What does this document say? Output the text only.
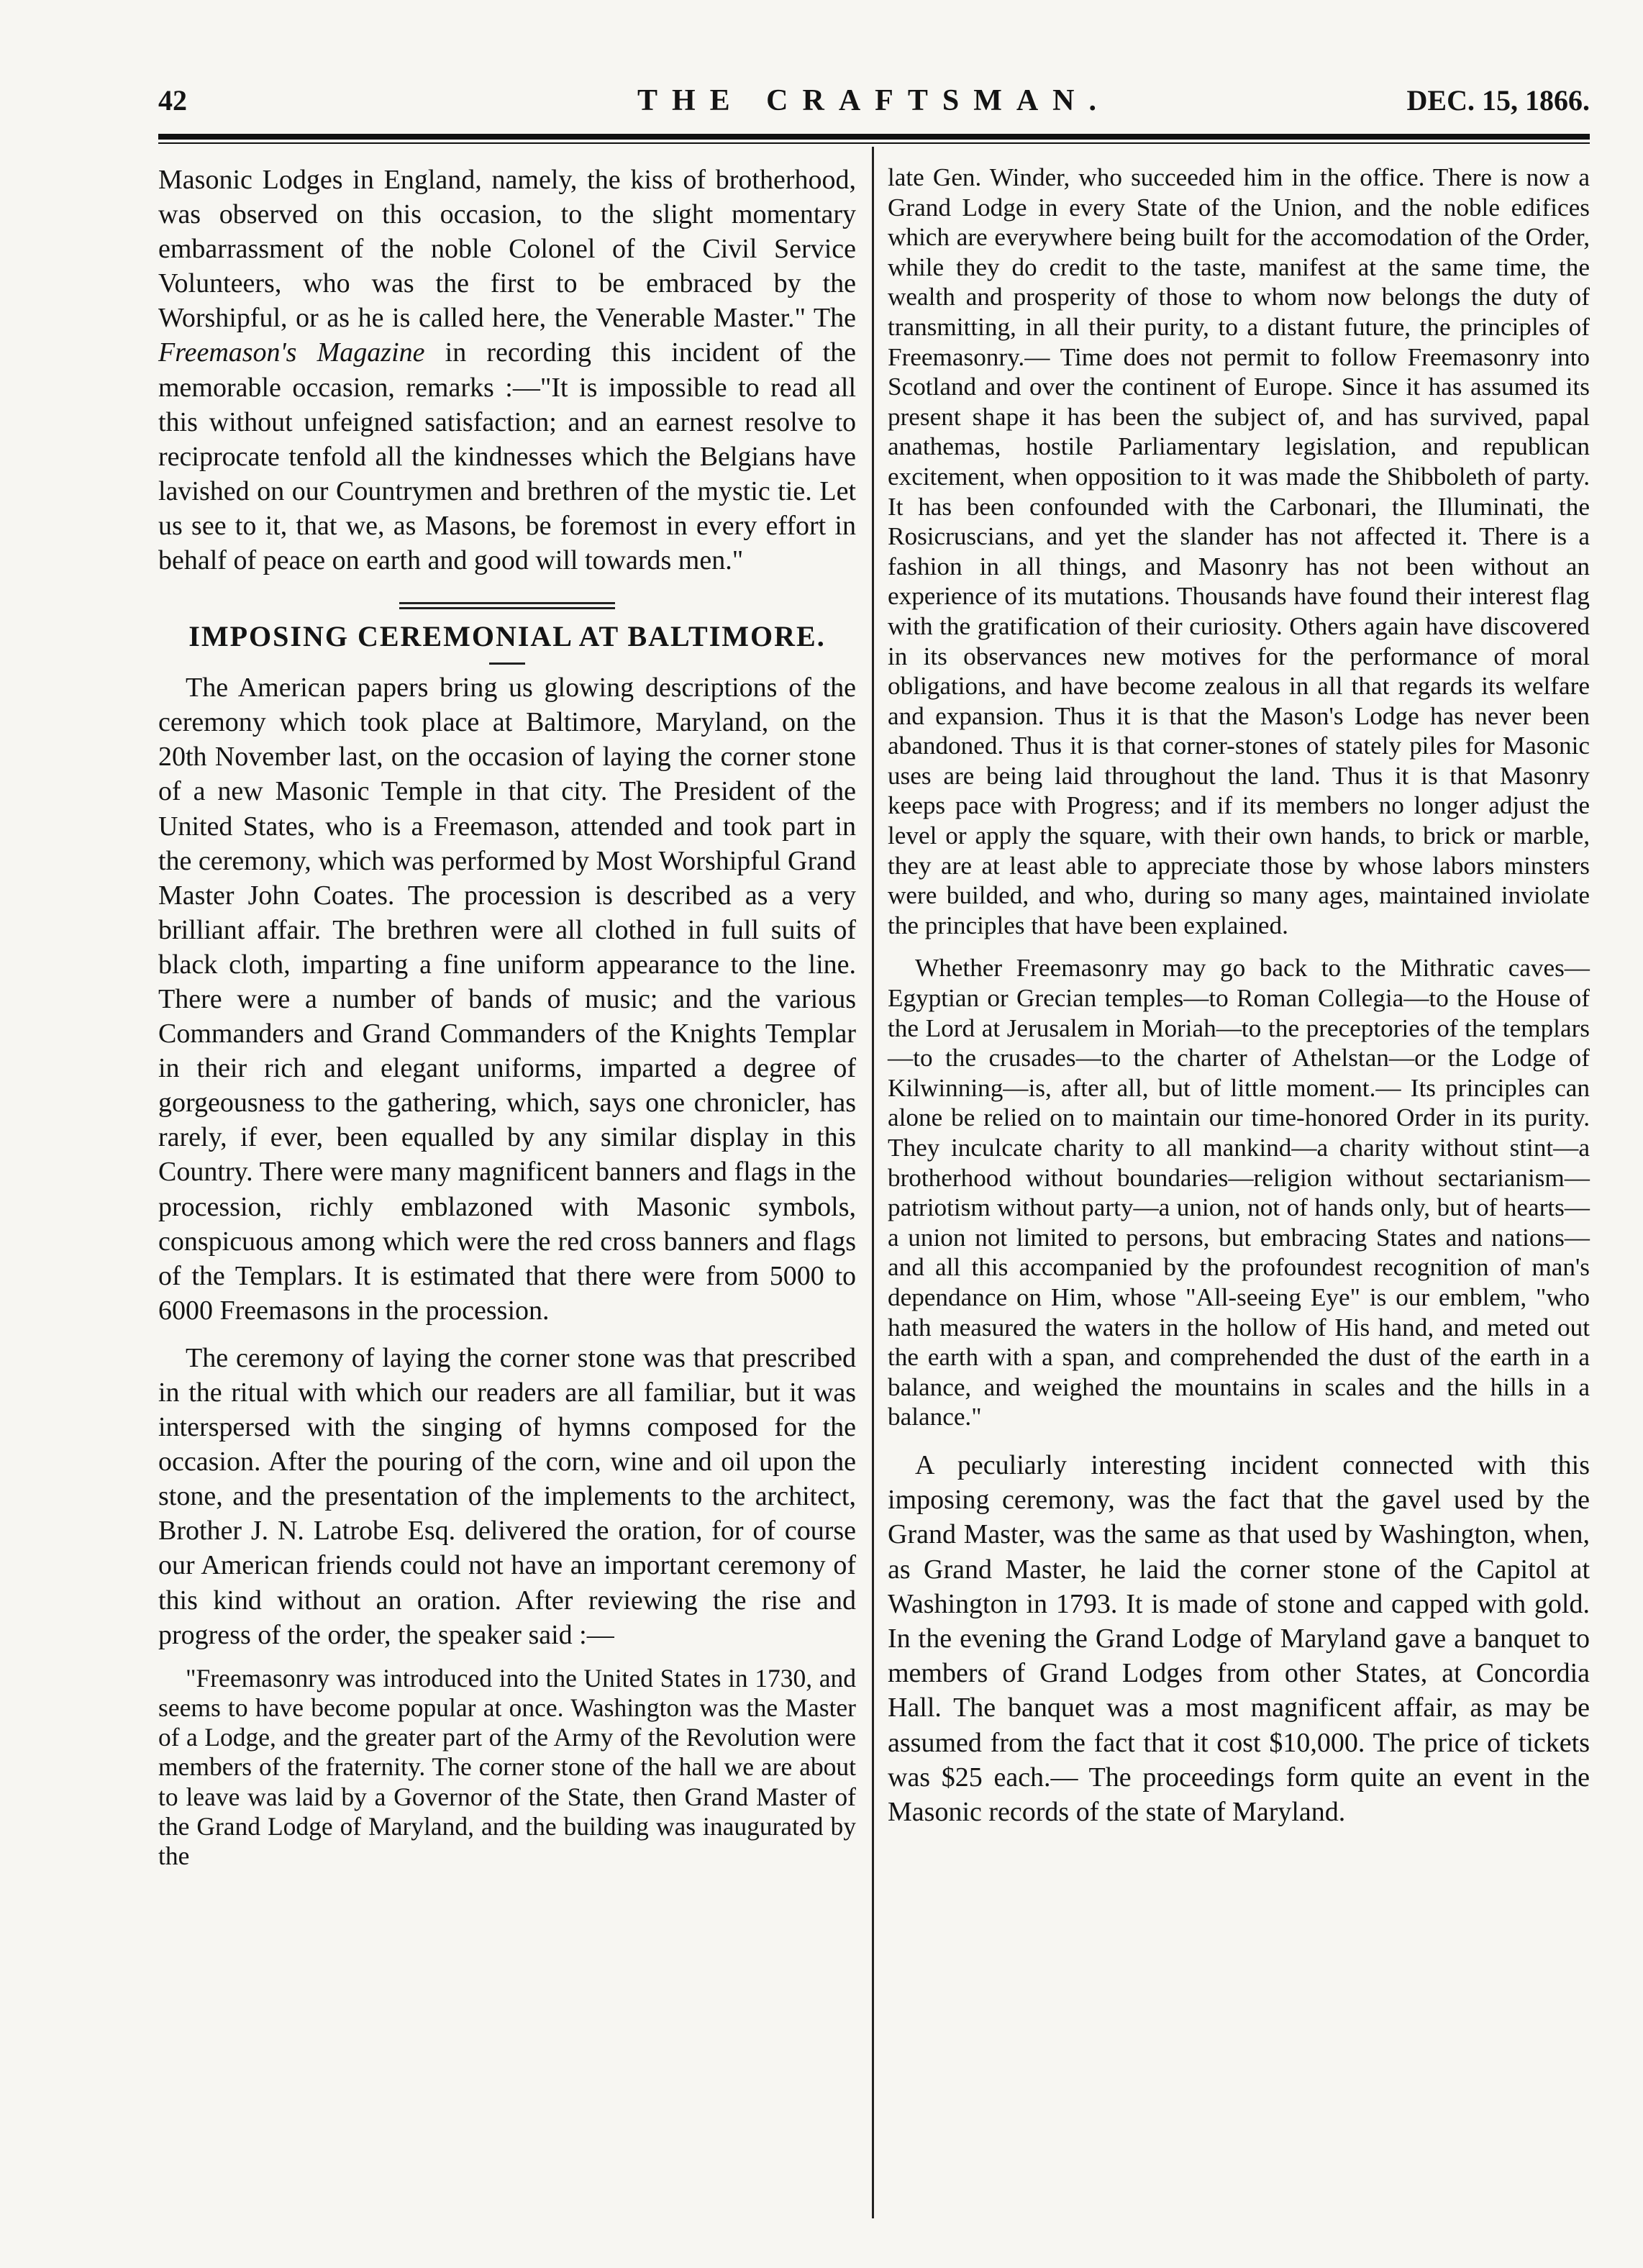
42	THE CRAFTSMAN.	DEC. 15, 1866.

Masonic Lodges in England, namely, the kiss of brotherhood, was observed on this occasion, to the slight momentary embarrassment of the noble Colonel of the Civil Service Volunteers, who was the first to be embraced by the Worshipful, or as he is called here, the Venerable Master." The Freemason's Magazine in recording this incident of the memorable occasion, remarks :—"It is impossible to read all this without unfeigned satisfaction; and an earnest resolve to reciprocate tenfold all the kindnesses which the Belgians have lavished on our Countrymen and brethren of the mystic tie. Let us see to it, that we, as Masons, be foremost in every effort in behalf of peace on earth and good will towards men."

IMPOSING CEREMONIAL AT BALTIMORE.

The American papers bring us glowing descriptions of the ceremony which took place at Baltimore, Maryland, on the 20th November last, on the occasion of laying the corner stone of a new Masonic Temple in that city. The President of the United States, who is a Freemason, attended and took part in the ceremony, which was performed by Most Worshipful Grand Master John Coates. The procession is described as a very brilliant affair. The brethren were all clothed in full suits of black cloth, imparting a fine uniform appearance to the line. There were a number of bands of music; and the various Commanders and Grand Commanders of the Knights Templar in their rich and elegant uniforms, imparted a degree of gorgeousness to the gathering, which, says one chronicler, has rarely, if ever, been equalled by any similar display in this Country. There were many magnificent banners and flags in the procession, richly emblazoned with Masonic symbols, conspicuous among which were the red cross banners and flags of the Templars. It is estimated that there were from 5000 to 6000 Freemasons in the procession.

The ceremony of laying the corner stone was that prescribed in the ritual with which our readers are all familiar, but it was interspersed with the singing of hymns composed for the occasion. After the pouring of the corn, wine and oil upon the stone, and the presentation of the implements to the architect, Brother J. N. Latrobe Esq. delivered the oration, for of course our American friends could not have an important ceremony of this kind without an oration. After reviewing the rise and progress of the order, the speaker said :—

"Freemasonry was introduced into the United States in 1730, and seems to have become popular at once. Washington was the Master of a Lodge, and the greater part of the Army of the Revolution were members of the fraternity. The corner stone of the hall we are about to leave was laid by a Governor of the State, then Grand Master of the Grand Lodge of Maryland, and the building was inaugurated by the

late Gen. Winder, who succeeded him in the office. There is now a Grand Lodge in every State of the Union, and the noble edifices which are everywhere being built for the accomodation of the Order, while they do credit to the taste, manifest at the same time, the wealth and prosperity of those to whom now belongs the duty of transmitting, in all their purity, to a distant future, the principles of Freemasonry.— Time does not permit to follow Freemasonry into Scotland and over the continent of Europe. Since it has assumed its present shape it has been the subject of, and has survived, papal anathemas, hostile Parliamentary legislation, and republican excitement, when opposition to it was made the Shibboleth of party. It has been confounded with the Carbonari, the Illuminati, the Rosicruscians, and yet the slander has not affected it. There is a fashion in all things, and Masonry has not been without an experience of its mutations. Thousands have found their interest flag with the gratification of their curiosity. Others again have discovered in its observances new motives for the performance of moral obligations, and have become zealous in all that regards its welfare and expansion. Thus it is that the Mason's Lodge has never been abandoned. Thus it is that corner-stones of stately piles for Masonic uses are being laid throughout the land. Thus it is that Masonry keeps pace with Progress; and if its members no longer adjust the level or apply the square, with their own hands, to brick or marble, they are at least able to appreciate those by whose labors minsters were builded, and who, during so many ages, maintained inviolate the principles that have been explained.

Whether Freemasonry may go back to the Mithratic caves—Egyptian or Grecian temples—to Roman Collegia—to the House of the Lord at Jerusalem in Moriah—to the preceptories of the templars—to the crusades—to the charter of Athelstan—or the Lodge of Kilwinning—is, after all, but of little moment.— Its principles can alone be relied on to maintain our time-honored Order in its purity. They inculcate charity to all mankind—a charity without stint—a brotherhood without boundaries—religion without sectarianism—patriotism without party—a union, not of hands only, but of hearts—a union not limited to persons, but embracing States and nations—and all this accompanied by the profoundest recognition of man's dependance on Him, whose "All-seeing Eye" is our emblem, "who hath measured the waters in the hollow of His hand, and meted out the earth with a span, and comprehended the dust of the earth in a balance, and weighed the mountains in scales and the hills in a balance."

A peculiarly interesting incident connected with this imposing ceremony, was the fact that the gavel used by the Grand Master, was the same as that used by Washington, when, as Grand Master, he laid the corner stone of the Capitol at Washington in 1793. It is made of stone and capped with gold. In the evening the Grand Lodge of Maryland gave a banquet to members of Grand Lodges from other States, at Concordia Hall. The banquet was a most magnificent affair, as may be assumed from the fact that it cost $10,000. The price of tickets was $25 each.— The proceedings form quite an event in the Masonic records of the state of Maryland.
